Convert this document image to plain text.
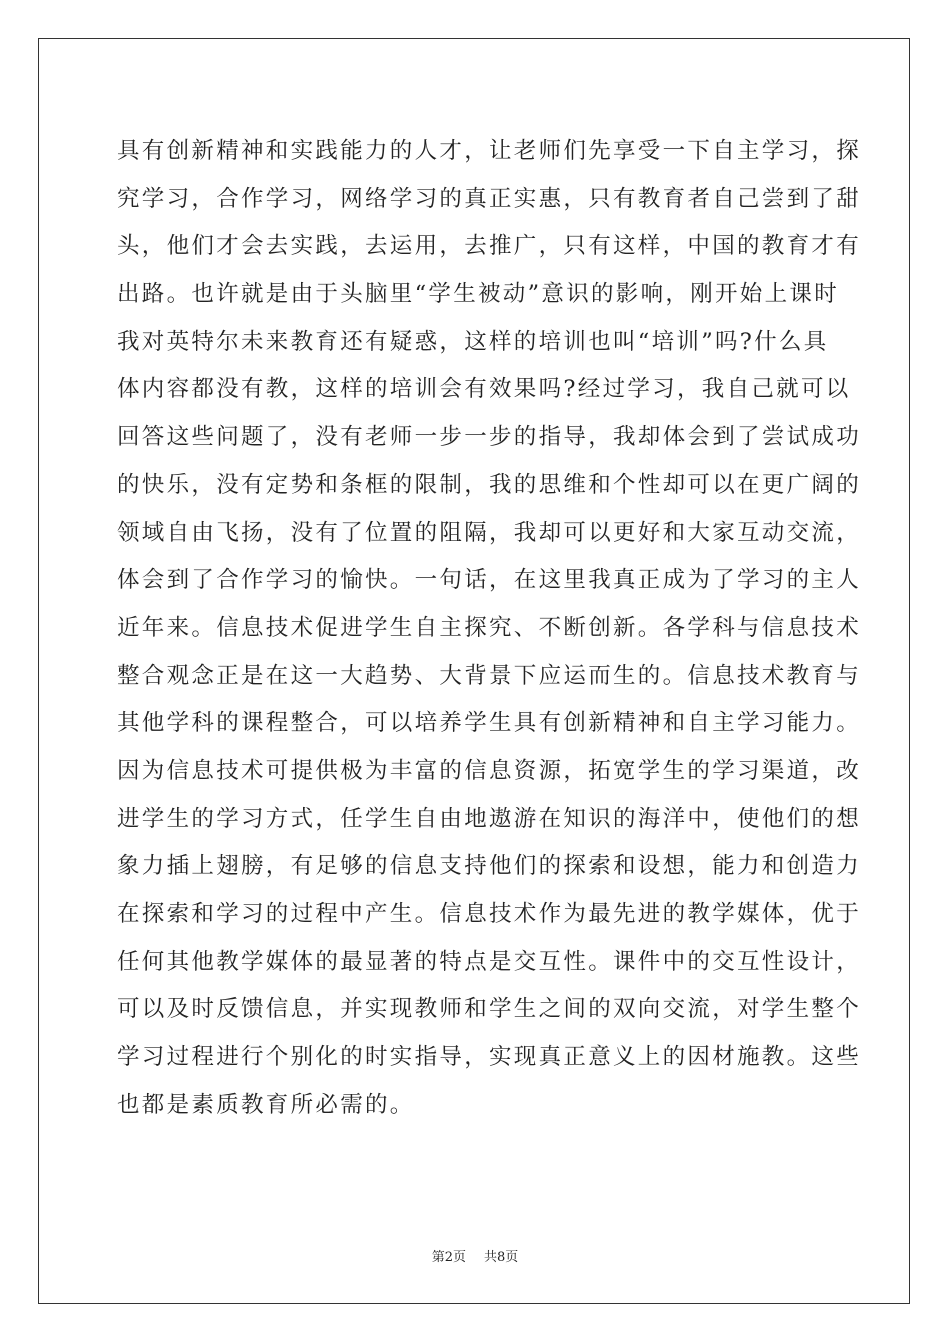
具有创新精神和实践能力的人才，让老师们先享受一下自主学习，探
究学习，合作学习，网络学习的真正实惠，只有教育者自己尝到了甜
头，他们才会去实践，去运用，去推广，只有这样，中国的教育才有
出路。也许就是由于头脑里“学生被动”意识的影响，刚开始上课时
我对英特尔未来教育还有疑惑，这样的培训也叫“培训”吗?什么具
体内容都没有教，这样的培训会有效果吗?经过学习，我自己就可以
回答这些问题了，没有老师一步一步的指导，我却体会到了尝试成功
的快乐，没有定势和条框的限制，我的思维和个性却可以在更广阔的
领域自由飞扬，没有了位置的阻隔，我却可以更好和大家互动交流，
体会到了合作学习的愉快。一句话，在这里我真正成为了学习的主人
近年来。信息技术促进学生自主探究、不断创新。各学科与信息技术
整合观念正是在这一大趋势、大背景下应运而生的。信息技术教育与
其他学科的课程整合，可以培养学生具有创新精神和自主学习能力。
因为信息技术可提供极为丰富的信息资源，拓宽学生的学习渠道，改
进学生的学习方式，任学生自由地遨游在知识的海洋中，使他们的想
象力插上翅膀，有足够的信息支持他们的探索和设想，能力和创造力
在探索和学习的过程中产生。信息技术作为最先进的教学媒体，优于
任何其他教学媒体的最显著的特点是交互性。课件中的交互性设计，
可以及时反馈信息，并实现教师和学生之间的双向交流，对学生整个
学习过程进行个别化的时实指导，实现真正意义上的因材施教。这些
也都是素质教育所必需的。
第2页 共8页
